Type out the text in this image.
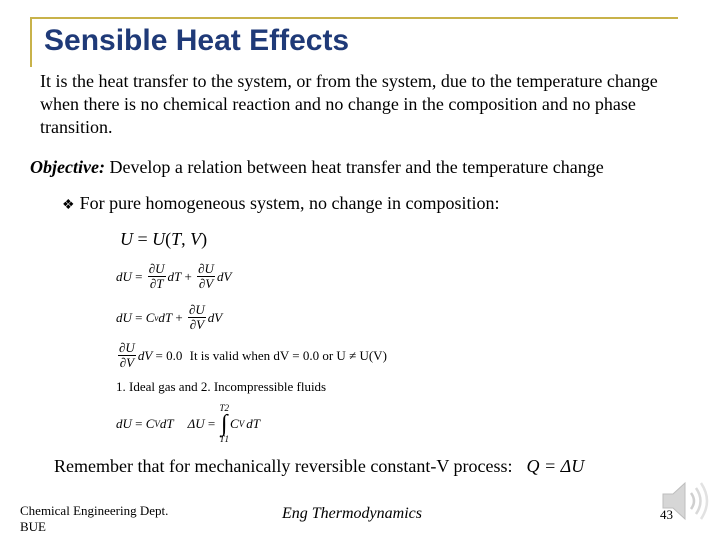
Sensible Heat Effects
It is the heat transfer to the system, or from the system, due to the temperature change when there is no chemical reaction and no change in the composition and no phase transition.
Objective: Develop a relation between heat transfer and the temperature change
❖ For pure homogeneous system, no change in composition:
U = U(T, V)
dU = $\frac{\partial U}{\partial T}$ dT + $\frac{\partial U}{\partial V}$ dV
dU = C v dT + $\frac{\partial U}{\partial V}$ dV
$\frac{\partial U}{\partial V}$ dV = 0.0 It is valid when dV = 0.0 or U ≠ U(V)
1. Ideal gas and 2. Incompressible fluids
dU = C V dT ΔU =
T2
∫
T1
C V dT
Remember that for mechanically reversible constant-V process: Q = ΔU
Chemical Engineering Dept.
BUE
Eng Thermodynamics	43
